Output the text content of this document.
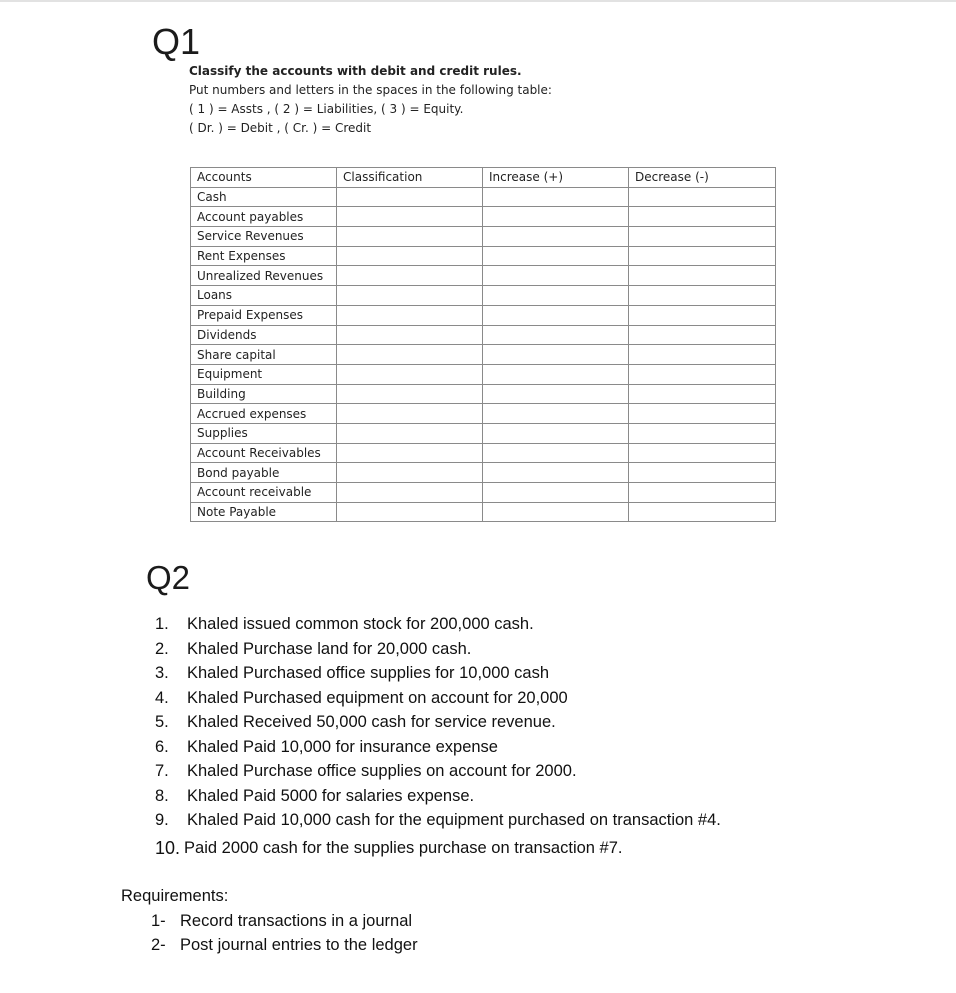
Q1
Classify the accounts with debit and credit rules.
Put numbers and letters in the spaces in the following table:
( 1 ) = Assts , ( 2 ) = Liabilities, ( 3 ) = Equity.
( Dr. ) = Debit , ( Cr. ) = Credit
Accounts	Classification	Increase (+)	Decrease (-)
Cash			
Account payables			
Service Revenues			
Rent Expenses			
Unrealized Revenues			
Loans			
Prepaid Expenses			
Dividends			
Share capital			
Equipment			
Building			
Accrued expenses			
Supplies			
Account Receivables			
Bond payable			
Account receivable			
Note Payable			
Q2
1.	Khaled issued common stock for 200,000 cash.
2.	Khaled Purchase land for 20,000 cash.
3.	Khaled Purchased office supplies for 10,000 cash
4.	Khaled Purchased equipment on account for 20,000
5.	Khaled Received 50,000 cash for service revenue.
6.	Khaled Paid 10,000 for insurance expense
7.	Khaled Purchase office supplies on account for 2000.
8.	Khaled Paid 5000 for salaries expense.
9.	Khaled Paid 10,000 cash for the equipment purchased on transaction #4.
10. Paid 2000 cash for the supplies purchase on transaction #7.
Requirements:
1- Record transactions in a journal
2- Post journal entries to the ledger
